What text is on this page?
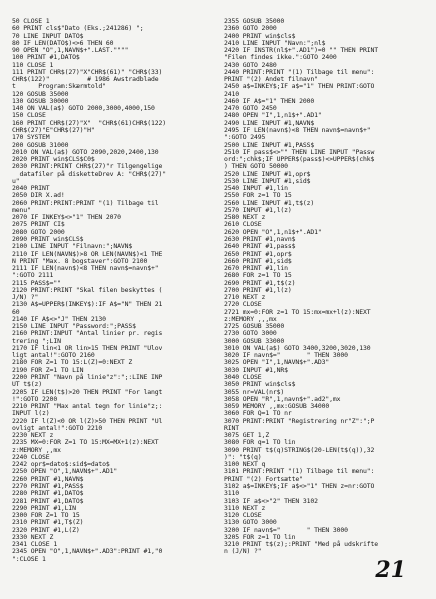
50 CLOSE 1
60 PRINT cls$"Dato (Eks.;241286) ";
70 LINE INPUT DATO$
80 IF LEN(DATO$)<>6 THEN 60
90 OPEN "O",1,NAVN$+".LAST.""""
100 PRINT #1,DATO$
110 CLOSE 1
111 PRINT CHR$(27)"X"CHR$(61)" "CHR$(33)
CHR$(122)"          # 1986 Awstradblade
t      Program:Skærmtold"
120 GOSUB 35000
130 GOSUB 30000
140 ON VAL(a$) GOTO 2000,3000,4000,150
150 CLOSE
160 PRINT CHR$(27)"X"  "CHR$(61)CHR$(122)
CHR$(27)"E"CHR$(27)"H"
170 SYSTEM
200 GOSUB 31000
2010 ON VAL(a$) GOTO 2090,2020,2400,130
2020 PRINT win$CLS$C0$
2030 PRINT:PRINT CHR$(27)"r Tilgengelige
datafiler på disketteDrev A: "CHR$(27)"
u"
2040 PRINT
2050 DIR X.ad!
2060 PRINT:PRINT:PRINT "(1) Tilbage til
menu"
2070 IF INKEY$<>"1" THEN 2070
2075 PRINT CI$
2080 GOTO 2000
2090 PRINT win$CLS$
2100 LINE INPUT "Filnavn:";NAVN$
2110 IF LEN(NAVN$)>8 OR LEN(NAVN$)<1 THE
N PRINT "Max. 8 bogstaver":GOTO 2100
2111 IF LEN(navn$)<8 THEN navn$=navn$+"
":GOTO 2111
2115 PASS$=""
2120 PRINT:PRINT "Skal filen beskyttes (
J/N) ?"
2130 A$=UPPER$(INKEY$):IF A$="N" THEN 21
60
2140 IF A$<>"J" THEN 2130
2150 LINE INPUT "Password:";PASS$
2160 PRINT:INPUT "Antal linier pr. regis
trering ";LIN
2170 IF lin<1 OR lin>15 THEN PRINT "Ulov
ligt antal!":GOTO 2160
2180 FOR Z=1 TO 15:L(Z)=0:NEXT Z
2190 FOR Z=1 TO LIN
2200 PRINT "Navn på linie"z":";:LINE INP
UT t$(z)
2205 IF LEN(t$)>20 THEN PRINT "For langt
!":GOTO 2200
2210 PRINT "Max antal tegn for linie"z;:
INPUT l(z)
2220 IF l(Z)<0 OR l(Z)>50 THEN PRINT "Ul
ovligt antal!":GOTO 2210
2230 NEXT z
2235 MX=0:FOR Z=1 TO 15:MX=MX+1(z):NEXT
z:MEMORY ,,mx
2240 CLOSE
2242 opr$=dato$:sid$=dato$
2250 OPEN "O",1,NAVN$+".AD1"
2260 PRINT #1,NAVN$
2270 PRINT #1,PASS$
2280 PRINT #1,DATO$
2281 PRINT #1,DATO$
2290 PRINT #1,LIN
2300 FOR Z=1 TO 15
2310 PRINT #1,T$(Z)
2320 PRINT #1,L(Z)
2330 NEXT Z
2341 CLOSE 1
2345 OPEN "O",1,NAVN$+".AD3":PRINT #1,"0
":CLOSE 1
2355 GOSUB 35000
2360 GOTO 2000
2400 PRINT win$cls$
2410 LINE INPUT "Navn:";nl$
2420 IF INSTR(nl$+".AD1")=0 "" THEN PRINT
"Filen findes ikke.":GOTO 2400
2430 GOTO 2480
2440 PRINT:PRINT "(1) Tilbage til menu":
PRINT "(2) Andet filnavn"
2450 a$=INKEY$;IF a$="1" THEN PRINT:GOTO
2410
2460 IF A$="1" THEN 2000
2470 GOTO 2450
2480 OPEN "I",1,n1$+".AD1"
2490 LINE INPUT #1,NAVN$
2495 IF LEN(navn$)<8 THEN navn$=navn$+"
":GOTO 2495
2500 LINE INPUT #1,PASS$
2510 IF pass$<>"" THEN LINE INPUT "Passw
ord:";chk$;IF UPPER$(pass$)<>UPPER$(chk$
) THEN GOTO 50000
2520 LINE INPUT #1,opr$
2530 LINE INPUT #1,sid$
2540 INPUT #1,lin
2550 FOR z=1 TO 15
2560 LINE INPUT #1,t$(z)
2570 INPUT #1,l(z)
2580 NEXT z
2610 CLOSE
2620 OPEN "O",1,n1$+".AD1"
2630 PRINT #1,navn$
2640 PRINT #1,pass$
2650 PRINT #1,opr$
2660 PRINT #1,sid$
2670 PRINT #1,lin
2680 FOR z=1 TO 15
2690 PRINT #1,t$(z)
2700 PRINT #1,l(z)
2710 NEXT z
2720 CLOSE
2721 mx=0:FOR z=1 TO 15:mx=mx+l(z):NEXT
z:MEMORY ,,,mx
2725 GOSUB 35000
2730 GOTO 3000
3000 GOSUB 33000
3010 ON VAL(a$) GOTO 3400,3200,3020,130
3020 IF navn$="       " THEN 3000
3025 OPEN "I",1,NAVN$+".AD3"
3030 INPUT #1,NR$
3040 CLOSE
3050 PRINT win$cls$
3055 nr=VAL(nr$)
3058 OPEN "R",1,navn$+".ad2",mx
3059 MEMORY ,,mx:GOSUB 34000
3060 FOR Q=1 TO nr
3070 PRINT:PRINT "Registrering nr"Z":";P
RINT
3075 GET 1,Z
3080 FOR q=1 TO lin
3090 PRINT t$(q)STRING$(20-LEN(t$(q)),32
)": "t$(q)
3100 NEXT q
3101 PRINT:PRINT "(1) Tilbage til menu":
PRINT "(2) Fortsætte"
3102 a$=INKEY$;IF a$<>"1" THEN z=nr:GOTO
3110
3103 IF a$<>"2" THEN 3102
3110 NEXT z
3120 CLOSE
3130 GOTO 3000
3200 IF navn$="       " THEN 3000
3205 FOR z=1 TO lin
3210 PRINT t$(z);:PRINT "Med på udskrifte
n (J/N) ?"
21
